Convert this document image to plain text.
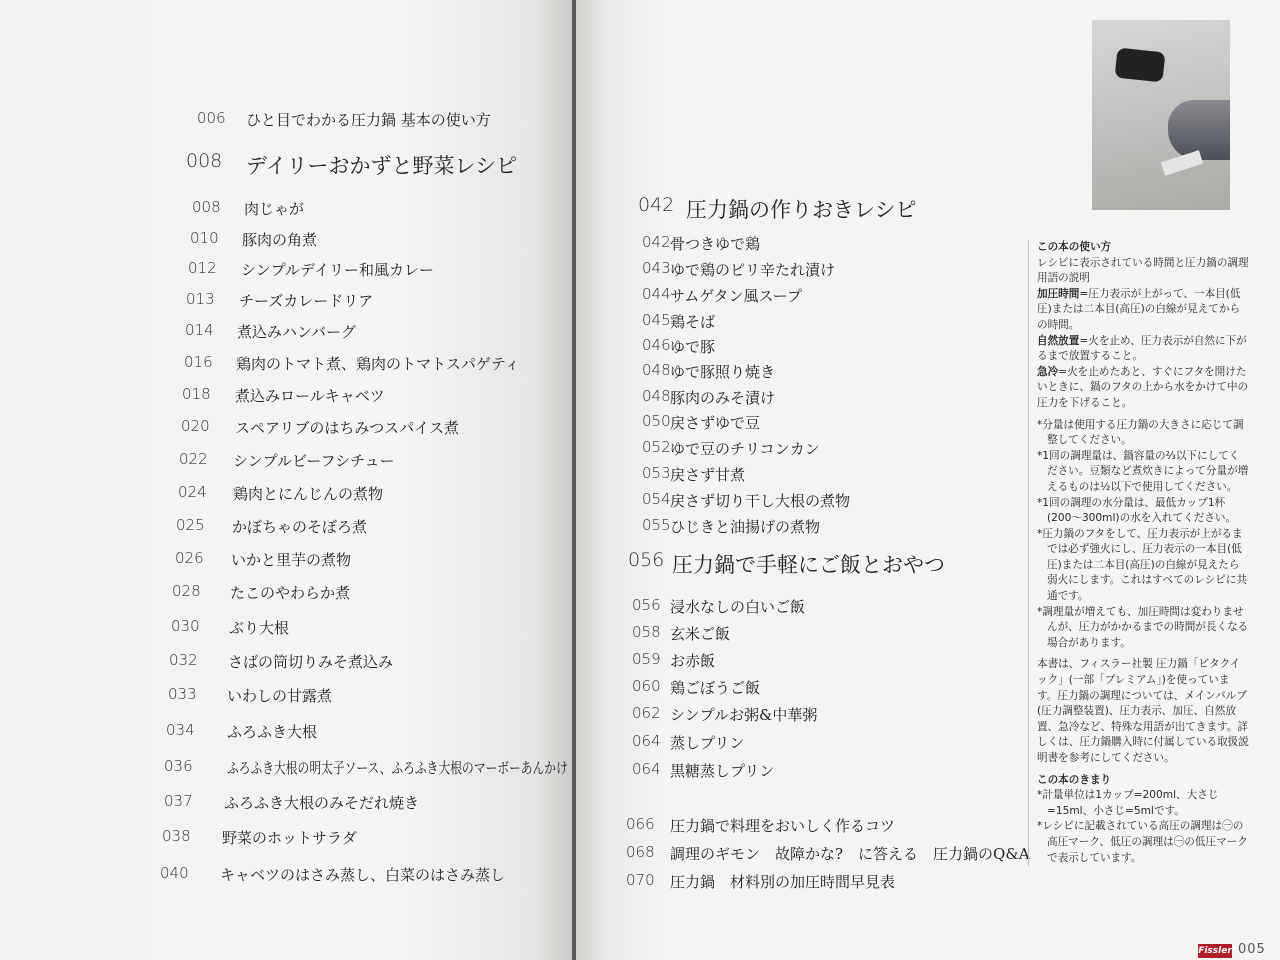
006 ひと目でわかる圧力鍋 基本の使い方
008 デイリーおかずと野菜レシピ
008 肉じゃが
010 豚肉の角煮
012 シンプルデイリー和風カレー
013 チーズカレードリア
014 煮込みハンバーグ
016 鶏肉のトマト煮、鶏肉のトマトスパゲティ
018 煮込みロールキャベツ
020 スペアリブのはちみつスパイス煮
022 シンプルビーフシチュー
024 鶏肉とにんじんの煮物
025 かぼちゃのそぼろ煮
026 いかと里芋の煮物
028 たこのやわらか煮
030 ぶり大根
032 さばの筒切りみそ煮込み
033 いわしの甘露煮
034 ふろふき大根
036 ふろふき大根の明太子ソース、ふろふき大根のマーボーあんかけ
037 ふろふき大根のみそだれ焼き
038 野菜のホットサラダ
040 キャベツのはさみ蒸し、白菜のはさみ蒸し
042 圧力鍋の作りおきレシピ
042 骨つきゆで鶏
043 ゆで鶏のピリ辛たれ漬け
044 サムゲタン風スープ
045 鶏そば
046 ゆで豚
048 ゆで豚照り焼き
048 豚肉のみそ漬け
050 戻さずゆで豆
052 ゆで豆のチリコンカン
053 戻さず甘煮
054 戻さず切り干し大根の煮物
055 ひじきと油揚げの煮物
056 圧力鍋で手軽にご飯とおやつ
056 浸水なしの白いご飯
058 玄米ご飯
059 お赤飯
060 鶏ごぼうご飯
062 シンプルお粥&中華粥
064 蒸しプリン
064 黒糖蒸しプリン
066 圧力鍋で料理をおいしく作るコツ
068 調理のギモン　故障かな?　に答える　圧力鍋のQ&A
070 圧力鍋　材料別の加圧時間早見表

この本の使い方

レシピに表示されている時間と圧力鍋の調理用語の説明

加圧時間=圧力表示が上がって、一本目(低圧)または二本目(高圧)の白線が見えてからの時間。

自然放置=火を止め、圧力表示が自然に下がるまで放置すること。

急冷=火を止めたあと、すぐにフタを開けたいときに、鍋のフタの上から水をかけて中の圧力を下げること。

*分量は使用する圧力鍋の大きさに応じて調整してください。

*1回の調理量は、鍋容量の⅔以下にしてください。豆類など煮炊きによって分量が増えるものは½以下で使用してください。

*1回の調理の水分量は、最低カップ1杯(200〜300ml)の水を入れてください。

*圧力鍋のフタをして、圧力表示が上がるまでは必ず強火にし、圧力表示の一本目(低圧)または二本目(高圧)の白線が見えたら弱火にします。これはすべてのレシピに共通です。

*調理量が増えても、加圧時間は変わりませんが、圧力がかかるまでの時間が長くなる場合があります。

本書は、フィスラー社製 圧力鍋「ビタクイック」(一部「プレミアム」)を使っています。圧力鍋の調理については、メインバルブ(圧力調整装置)、圧力表示、加圧、自然放置、急冷など、特殊な用語が出てきます。詳しくは、圧力鍋購入時に付属している取扱説明書を参考にしてください。

この本のきまり

*計量単位は1カップ=200ml、大さじ=15ml、小さじ=5mlです。

*レシピに記載されている高圧の調理は㊀の高圧マーク、低圧の調理は㊀の低圧マークで表示しています。

Fissler 005
